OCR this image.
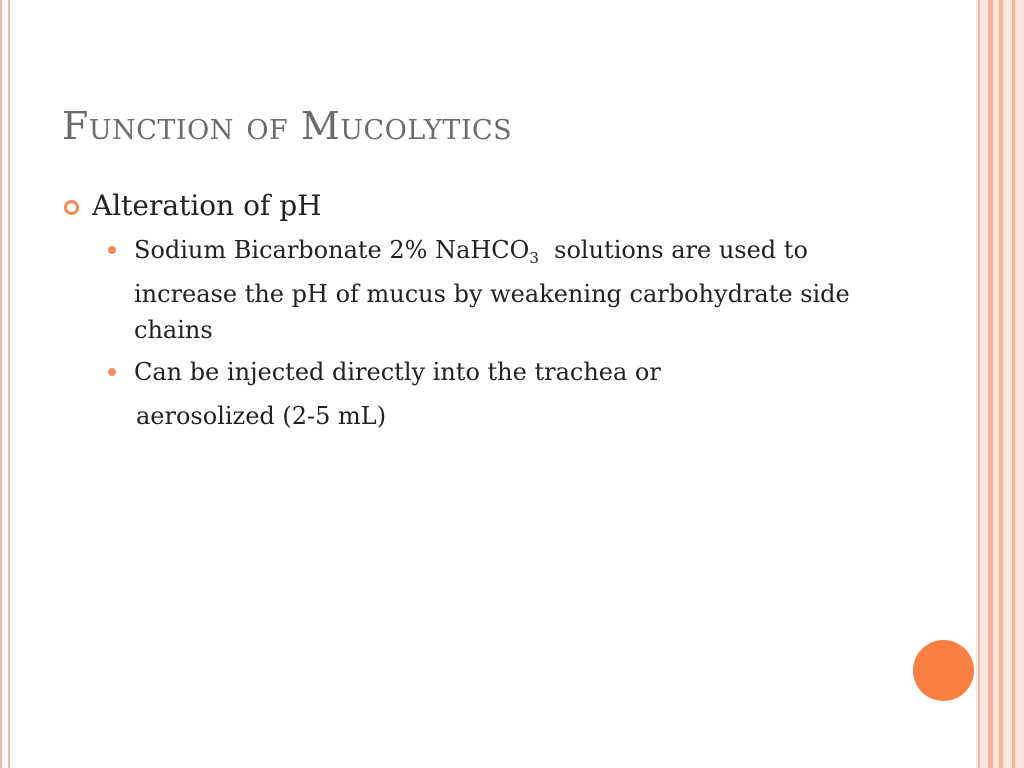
Function of Mucolytics
Alteration of pH
Sodium Bicarbonate 2% NaHCO$_3$  solutions are used to increase the pH of mucus by weakening carbohydrate side chains
Can be injected directly into the trachea or
aerosolized (2-5 mL)
